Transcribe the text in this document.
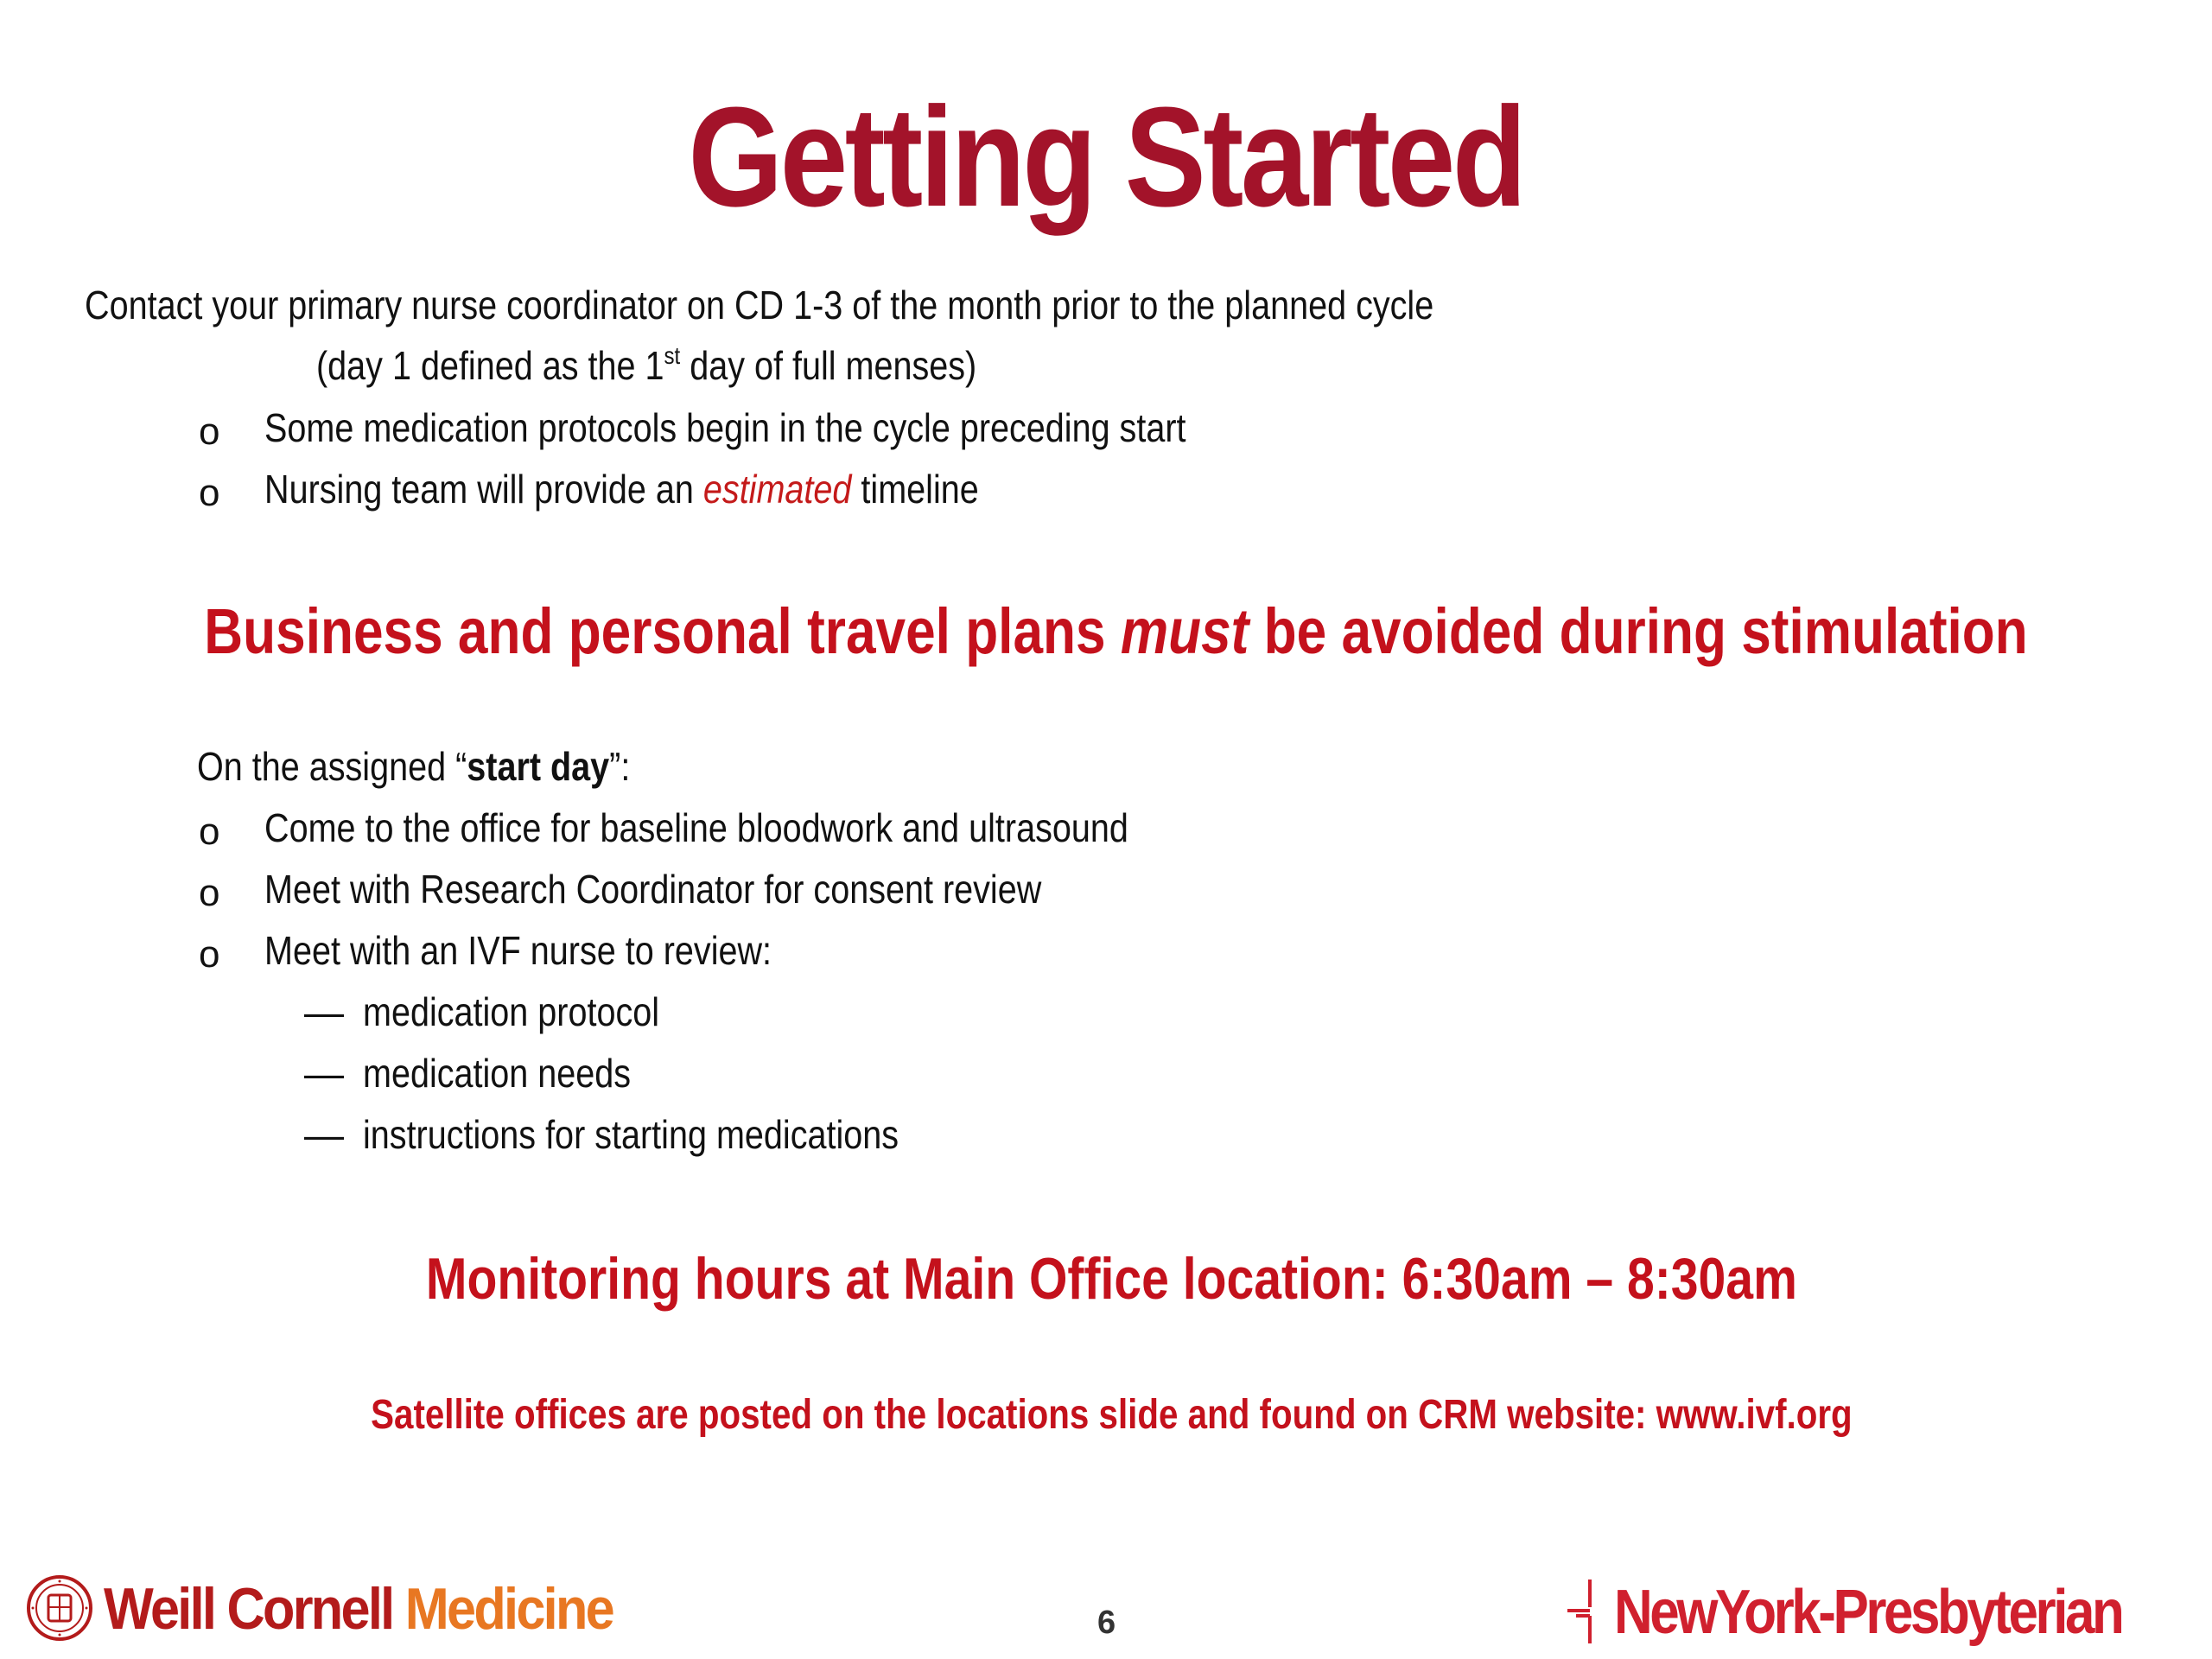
Getting Started
Contact your primary nurse coordinator on CD 1-3 of the month prior to the planned cycle
(day 1 defined as the 1st day of full menses)
o Some medication protocols begin in the cycle preceding start
o Nursing team will provide an estimated timeline
Business and personal travel plans must be avoided during stimulation
On the assigned “start day”:
o Come to the office for baseline bloodwork and ultrasound
o Meet with Research Coordinator for consent review
o Meet with an IVF nurse to review:
— medication protocol
— medication needs
— instructions for starting medications
Monitoring hours at Main Office location: 6:30am – 8:30am
Satellite offices are posted on the locations slide and found on CRM website: www.ivf.org
6
Weill Cornell Medicine	NewYork-Presbyterian
